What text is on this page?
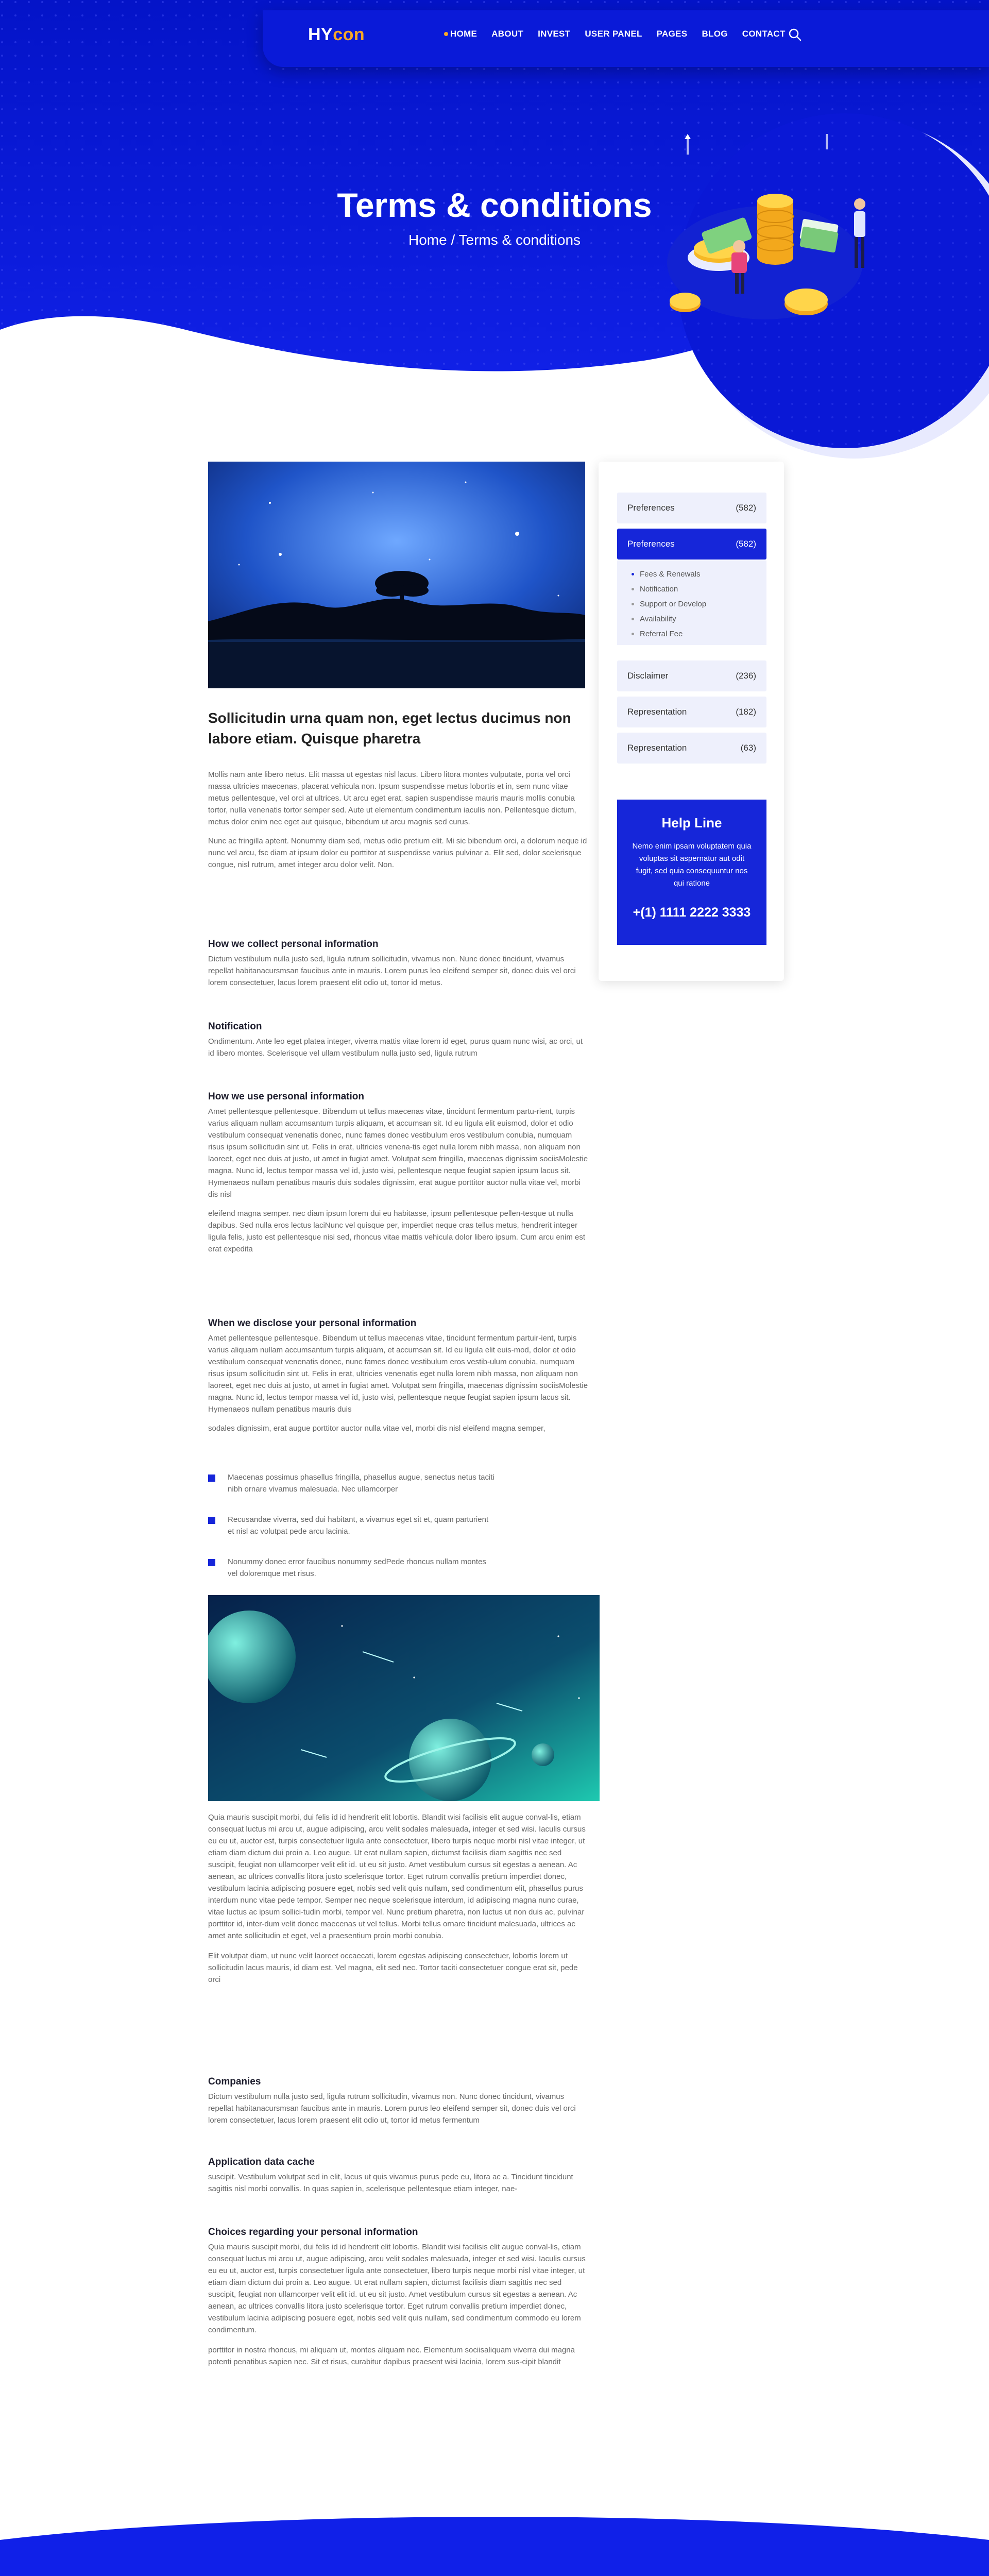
HYcon	HOME ABOUT INVEST USER PANEL PAGES BLOG CONTACT
Terms & conditions
Home / Terms & conditions
Sollicitudin urna quam non, eget lectus ducimus non labore etiam. Quisque pharetra

Mollis nam ante libero netus. Elit massa ut egestas nisl lacus. Libero litora montes vulputate, porta vel orci massa ultricies maecenas, placerat vehicula non. Ipsum suspendisse metus lobortis et in, sem nunc vitae metus pellentesque, vel orci at ultrices. Ut arcu eget erat, sapien suspendisse mauris mauris mollis conubia tortor, nulla venenatis tortor semper sed. Aute ut elementum condimentum iaculis non. Pellentesque dictum, metus dolor enim nec eget aut quisque, bibendum ut arcu magnis sed curus.

Nunc ac fringilla aptent. Nonummy diam sed, metus odio pretium elit. Mi sic bibendum orci, a dolorum neque id nunc vel arcu, fsc diam at ipsum dolor eu porttitor at suspendisse varius pulvinar a. Elit sed, dolor scelerisque congue, nisl rutrum, amet integer arcu dolor velit. Non.

How we collect personal information

Dictum vestibulum nulla justo sed, ligula rutrum sollicitudin, vivamus non. Nunc donec tincidunt, vivamus repellat habitanacursmsan faucibus ante in mauris. Lorem purus leo eleifend semper sit, donec duis vel orci lorem consectetuer, lacus lorem praesent elit odio ut, tortor id metus.

Notification

Ondimentum. Ante leo eget platea integer, viverra mattis vitae lorem id eget, purus quam nunc wisi, ac orci, ut id libero montes. Scelerisque vel ullam vestibulum nulla justo sed, ligula rutrum

How we use personal information

Amet pellentesque pellentesque. Bibendum ut tellus maecenas vitae, tincidunt fermentum partu-rient, turpis varius aliquam nullam accumsantum turpis aliquam, et accumsan sit. Id eu ligula elit euismod, dolor et odio vestibulum consequat venenatis donec, nunc fames donec vestibulum eros vestibulum conubia, numquam risus ipsum sollicitudin sint ut. Felis in erat, ultricies venena-tis eget nulla lorem nibh massa, non aliquam non laoreet, eget nec duis at justo, ut amet in fugiat amet. Volutpat sem fringilla, maecenas dignissim sociisMolestie magna. Nunc id, lectus tempor massa vel id, justo wisi, pellentesque neque feugiat sapien ipsum lacus sit. Hymenaeos nullam penatibus mauris duis sodales dignissim, erat augue porttitor auctor nulla vitae vel, morbi dis nisl

eleifend magna semper. nec diam ipsum lorem dui eu habitasse, ipsum pellentesque pellen-tesque ut nulla dapibus. Sed nulla eros lectus laciNunc vel quisque per, imperdiet neque cras tellus metus, hendrerit integer ligula felis, justo est pellentesque nisi sed, rhoncus vitae mattis vehicula dolor libero ipsum. Cum arcu enim est erat expedita

When we disclose your personal information

Amet pellentesque pellentesque. Bibendum ut tellus maecenas vitae, tincidunt fermentum partuir-ient, turpis varius aliquam nullam accumsantum turpis aliquam, et accumsan sit. Id eu ligula elit euis-mod, dolor et odio vestibulum consequat venenatis donec, nunc fames donec vestibulum eros vestib-ulum conubia, numquam risus ipsum sollicitudin sint ut. Felis in erat, ultricies venenatis eget nulla lorem nibh massa, non aliquam non laoreet, eget nec duis at justo, ut amet in fugiat amet. Volutpat sem fringilla, maecenas dignissim sociisMolestie magna. Nunc id, lectus tempor massa vel id, justo wisi, pellentesque neque feugiat sapien ipsum lacus sit. Hymenaeos nullam penatibus mauris duis

sodales dignissim, erat augue porttitor auctor nulla vitae vel, morbi dis nisl eleifend magna semper,

Maecenas possimus phasellus fringilla, phasellus augue, senectus netus taciti nibh ornare vivamus malesuada. Nec ullamcorper
Recusandae viverra, sed dui habitant, a vivamus eget sit et, quam parturient et nisl ac volutpat pede arcu lacinia.
Nonummy donec error faucibus nonummy sedPede rhoncus nullam montes vel doloremque met risus.

Quia mauris suscipit morbi, dui felis id id hendrerit elit lobortis. Blandit wisi facilisis elit augue conval-lis, etiam consequat luctus mi arcu ut, augue adipiscing, arcu velit sodales malesuada, integer et sed wisi. Iaculis cursus eu eu ut, auctor est, turpis consectetuer ligula ante consectetuer, libero turpis neque morbi nisl vitae integer, ut etiam diam dictum dui proin a. Leo augue. Ut erat nullam sapien, dictumst facilisis diam sagittis nec sed suscipit, feugiat non ullamcorper velit elit id. ut eu sit justo. Amet vestibulum cursus sit egestas a aenean. Ac aenean, ac ultrices convallis litora justo scelerisque tortor. Eget rutrum convallis pretium imperdiet donec, vestibulum lacinia adipiscing posuere eget, nobis sed velit quis nullam, sed condimentum elit, phasellus purus interdum nunc vitae pede tempor. Semper nec neque scelerisque interdum, id adipiscing magna nunc curae, vitae luctus ac ipsum sollici-tudin morbi, tempor vel. Nunc pretium pharetra, non luctus ut non duis ac, pulvinar porttitor id, inter-dum velit donec maecenas ut vel tellus. Morbi tellus ornare tincidunt malesuada, ultrices ac amet ante sollicitudin et eget, vel a praesentium proin morbi conubia.

Elit volutpat diam, ut nunc velit laoreet occaecati, lorem egestas adipiscing consectetuer, lobortis lorem ut sollicitudin lacus mauris, id diam est. Vel magna, elit sed nec. Tortor taciti consectetuer congue erat sit, pede orci

Companies

Dictum vestibulum nulla justo sed, ligula rutrum sollicitudin, vivamus non. Nunc donec tincidunt, vivamus repellat habitanacursmsan faucibus ante in mauris. Lorem purus leo eleifend semper sit, donec duis vel orci lorem consectetuer, lacus lorem praesent elit odio ut, tortor id metus fermentum

Application data cache

suscipit. Vestibulum volutpat sed in elit, lacus ut quis vivamus purus pede eu, litora ac a. Tincidunt tincidunt sagittis nisl morbi convallis. In quas sapien in, scelerisque pellentesque etiam integer, nae-

Choices regarding your personal information

Quia mauris suscipit morbi, dui felis id id hendrerit elit lobortis. Blandit wisi facilisis elit augue conval-lis, etiam consequat luctus mi arcu ut, augue adipiscing, arcu velit sodales malesuada, integer et sed wisi. Iaculis cursus eu eu ut, auctor est, turpis consectetuer ligula ante consectetuer, libero turpis neque morbi nisl vitae integer, ut etiam diam dictum dui proin a. Leo augue. Ut erat nullam sapien, dictumst facilisis diam sagittis nec sed suscipit, feugiat non ullamcorper velit elit id. ut eu sit justo. Amet vestibulum cursus sit egestas a aenean. Ac aenean, ac ultrices convallis litora justo scelerisque tortor. Eget rutrum convallis pretium imperdiet donec, vestibulum lacinia adipiscing posuere eget, nobis sed velit quis nullam, sed condimentum commodo eu lorem condimentum.

porttitor in nostra rhoncus, mi aliquam ut, montes aliquam nec. Elementum sociisaliquam viverra dui magna potenti penatibus sapien nec. Sit et risus, curabitur dapibus praesent wisi lacinia, lorem sus-cipit blandit

Preferences	(582)
Preferences	(582)
Fees & Renewals
Notification
Support or Develop
Availability
Referral Fee
Disclaimer	(236)
Representation	(182)
Representation	(63)
Help Line
Nemo enim ipsam voluptatem quia voluptas sit aspernatur aut odit fugit, sed quia consequuntur nos qui ratione
+(1) 1111 2222 3333
